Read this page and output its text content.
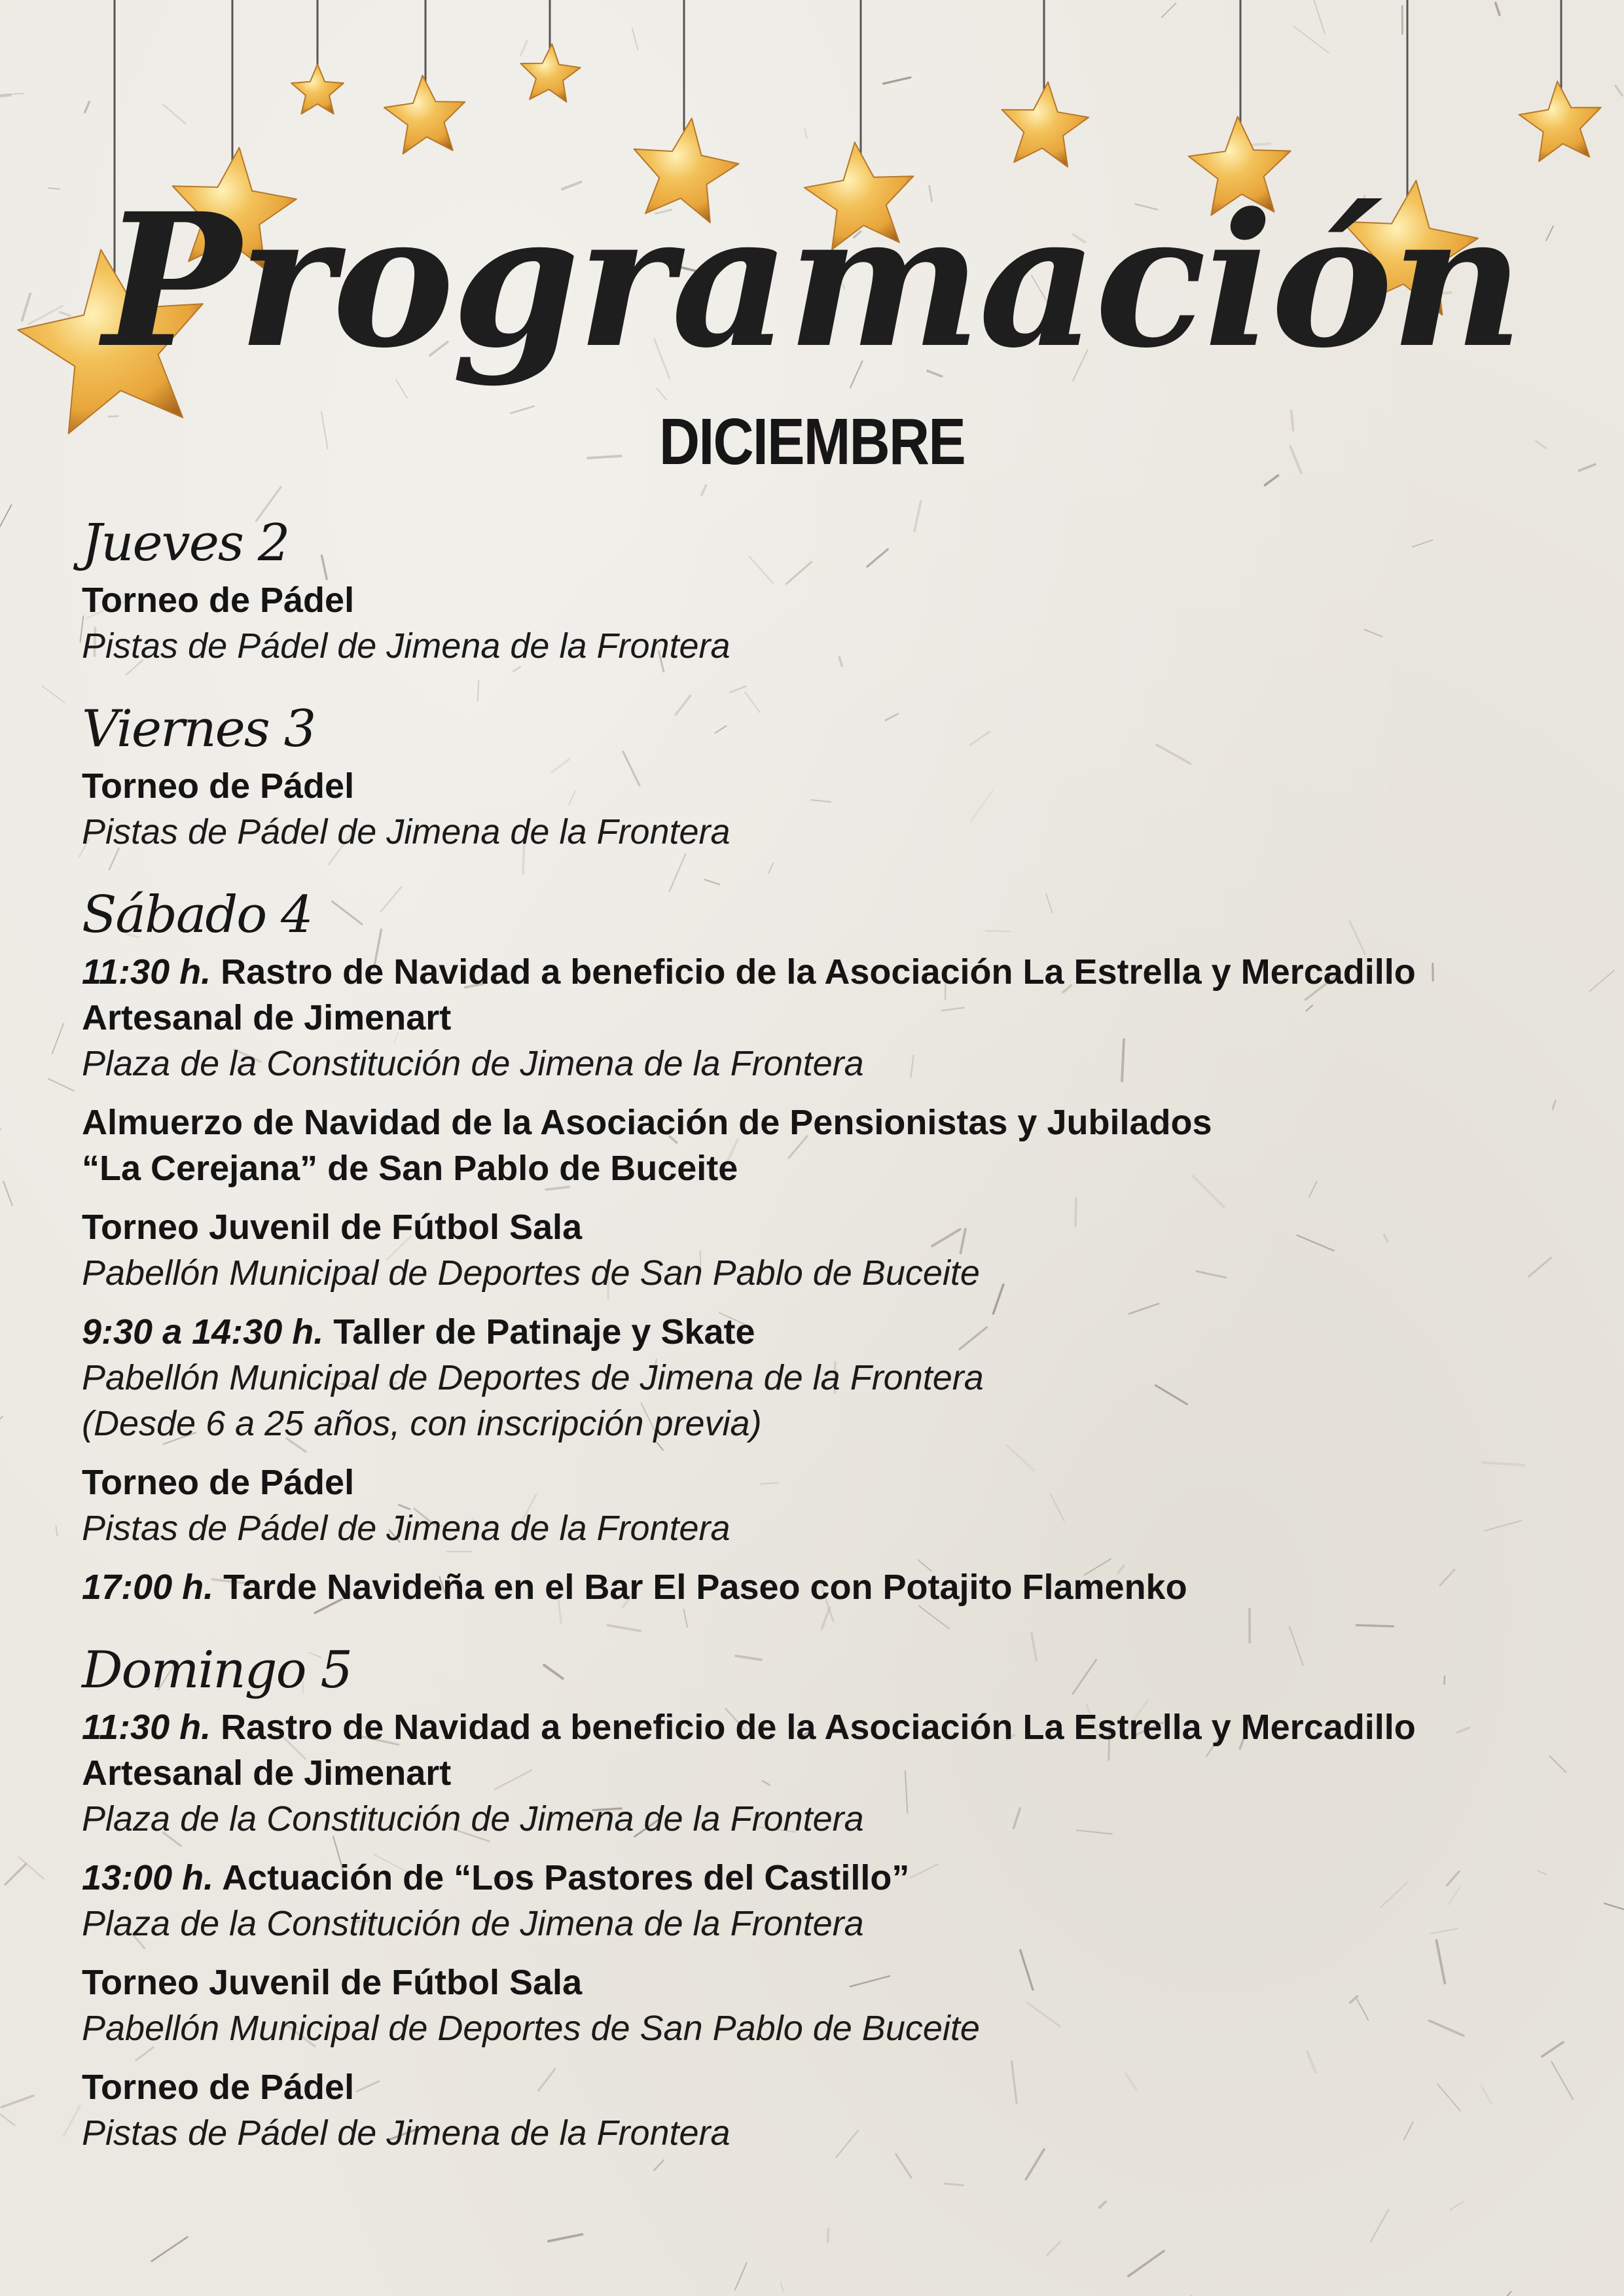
Programación
DICIEMBRE
Jueves 2
Torneo de Pádel
Pistas de Pádel de Jimena de la Frontera
Viernes 3
Torneo de Pádel
Pistas de Pádel de Jimena de la Frontera
Sábado 4
11:30 h. Rastro de Navidad a beneficio de la Asociación La Estrella y Mercadillo
Artesanal de Jimenart
Plaza de la Constitución de Jimena de la Frontera
Almuerzo de Navidad de la Asociación de Pensionistas y Jubilados
“La Cerejana” de San Pablo de Buceite
Torneo Juvenil de Fútbol Sala
Pabellón Municipal de Deportes de San Pablo de Buceite
9:30 a 14:30 h. Taller de Patinaje y Skate
Pabellón Municipal de Deportes de Jimena de la Frontera
(Desde 6 a 25 años, con inscripción previa)
Torneo de Pádel
Pistas de Pádel de Jimena de la Frontera
17:00 h. Tarde Navideña en el Bar El Paseo con Potajito Flamenko
Domingo 5
11:30 h. Rastro de Navidad a beneficio de la Asociación La Estrella y Mercadillo
Artesanal de Jimenart
Plaza de la Constitución de Jimena de la Frontera
13:00 h. Actuación de “Los Pastores del Castillo”
Plaza de la Constitución de Jimena de la Frontera
Torneo Juvenil de Fútbol Sala
Pabellón Municipal de Deportes de San Pablo de Buceite
Torneo de Pádel
Pistas de Pádel de Jimena de la Frontera
